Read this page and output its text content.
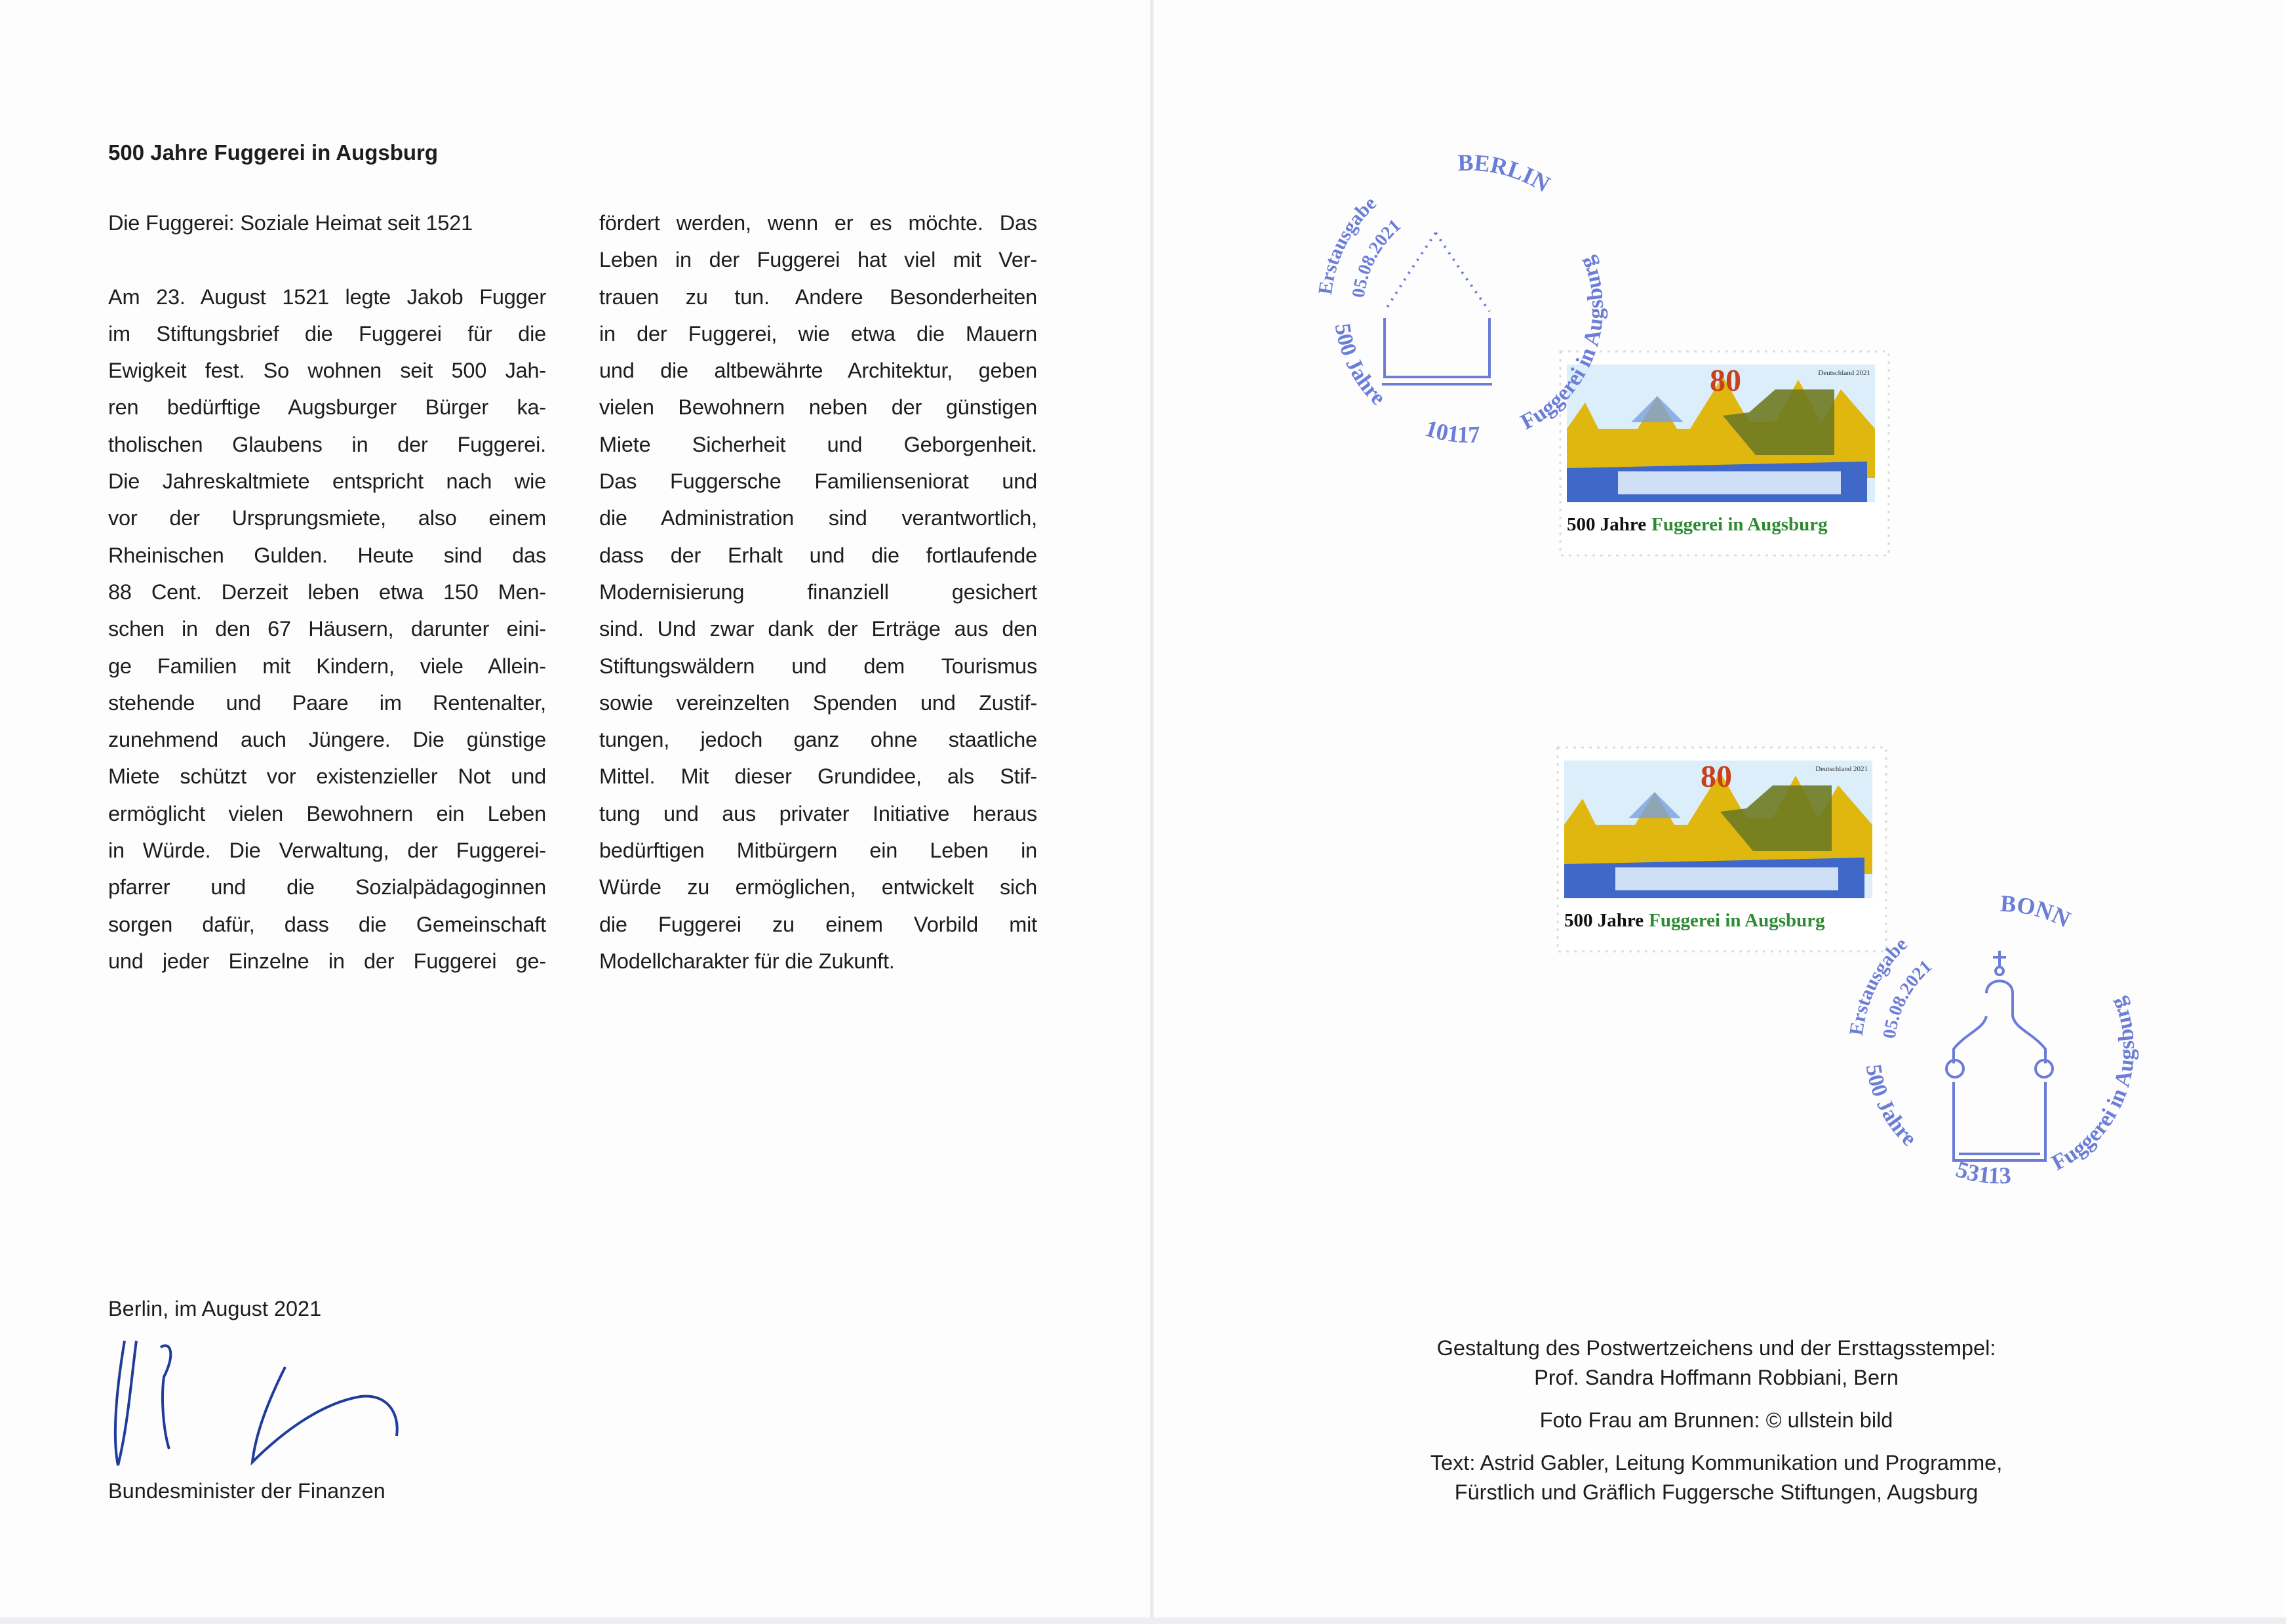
500 Jahre Fuggerei in Augsburg
Die Fuggerei: Soziale Heimat seit 1521
Am 23. August 1521 legte Jakob Fugger
im Stiftungsbrief die Fuggerei für die
Ewigkeit fest. So wohnen seit 500 Jah-
ren bedürftige Augsburger Bürger ka-
tholischen Glaubens in der Fuggerei.
Die Jahreskaltmiete entspricht nach wie
vor der Ursprungsmiete, also einem
Rheinischen Gulden. Heute sind das
88 Cent. Derzeit leben etwa 150 Men-
schen in den 67 Häusern, darunter eini-
ge Familien mit Kindern, viele Allein-
stehende und Paare im Rentenalter,
zunehmend auch Jüngere. Die günstige
Miete schützt vor existenzieller Not und
ermöglicht vielen Bewohnern ein Leben
in Würde. Die Verwaltung, der Fuggerei-
pfarrer und die Sozialpädagoginnen
sorgen dafür, dass die Gemeinschaft
und jeder Einzelne in der Fuggerei ge-
fördert werden, wenn er es möchte. Das
Leben in der Fuggerei hat viel mit Ver-
trauen zu tun. Andere Besonderheiten
in der Fuggerei, wie etwa die Mauern
und die altbewährte Architektur, geben
vielen Bewohnern neben der günstigen
Miete Sicherheit und Geborgenheit.
Das Fuggersche Familienseniorat und
die Administration sind verantwortlich,
dass der Erhalt und die fortlaufende
Modernisierung finanziell gesichert
sind. Und zwar dank der Erträge aus den
Stiftungswäldern und dem Tourismus
sowie vereinzelten Spenden und Zustif-
tungen, jedoch ganz ohne staatliche
Mittel. Mit dieser Grundidee, als Stif-
tung und aus privater Initiative heraus
bedürftigen Mitbürgern ein Leben in
Würde zu ermöglichen, entwickelt sich
die Fuggerei zu einem Vorbild mit
Modellcharakter für die Zukunft.
Berlin, im August 2021
Bundesminister der Finanzen
80	Deutschland 2021
500 Jahre Fuggerei in Augsburg
80	Deutschland 2021
500 Jahre Fuggerei in Augsburg
BERLIN
Erstausgabe
05.08.2021
500 Jahre
10117
Fuggerei in Augsburg
BONN
Erstausgabe
05.08.2021
500 Jahre
53113
Fuggerei in Augsburg
Gestaltung des Postwertzeichens und der Ersttagsstempel:
Prof. Sandra Hoffmann Robbiani, Bern
Foto Frau am Brunnen: © ullstein bild
Text: Astrid Gabler, Leitung Kommunikation und Programme,
Fürstlich und Gräflich Fuggersche Stiftungen, Augsburg
